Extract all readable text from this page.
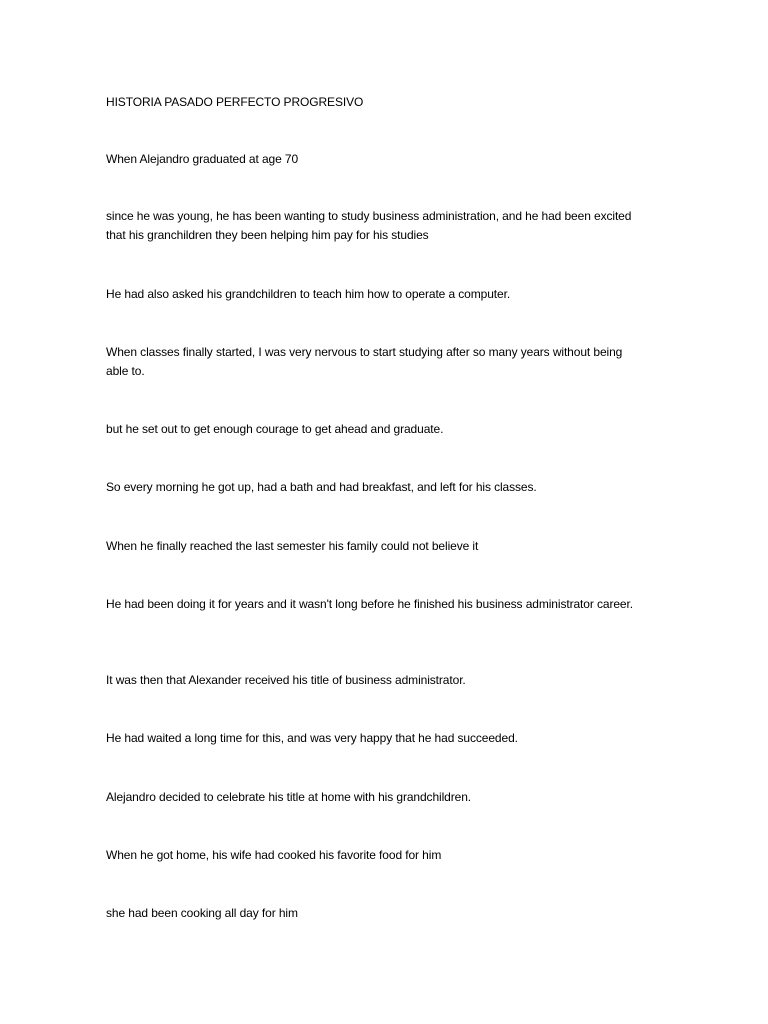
HISTORIA PASADO PERFECTO PROGRESIVO

When Alejandro graduated at age 70

since he was young, he has been wanting to study business administration, and he had been excited that his granchildren they been helping him pay for his studies

He had also asked his grandchildren to teach him how to operate a computer.

When classes finally started, I was very nervous to start studying after so many years without being able to.

but he set out to get enough courage to get ahead and graduate.

So every morning he got up, had a bath and had breakfast, and left for his classes.

When he finally reached the last semester his family could not believe it

He had been doing it for years and it wasn't long before he finished his business administrator career.

It was then that Alexander received his title of business administrator.

He had waited a long time for this, and was very happy that he had succeeded.

Alejandro decided to celebrate his title at home with his grandchildren.

When he got home, his wife had cooked his favorite food for him

she had been cooking all day for him
